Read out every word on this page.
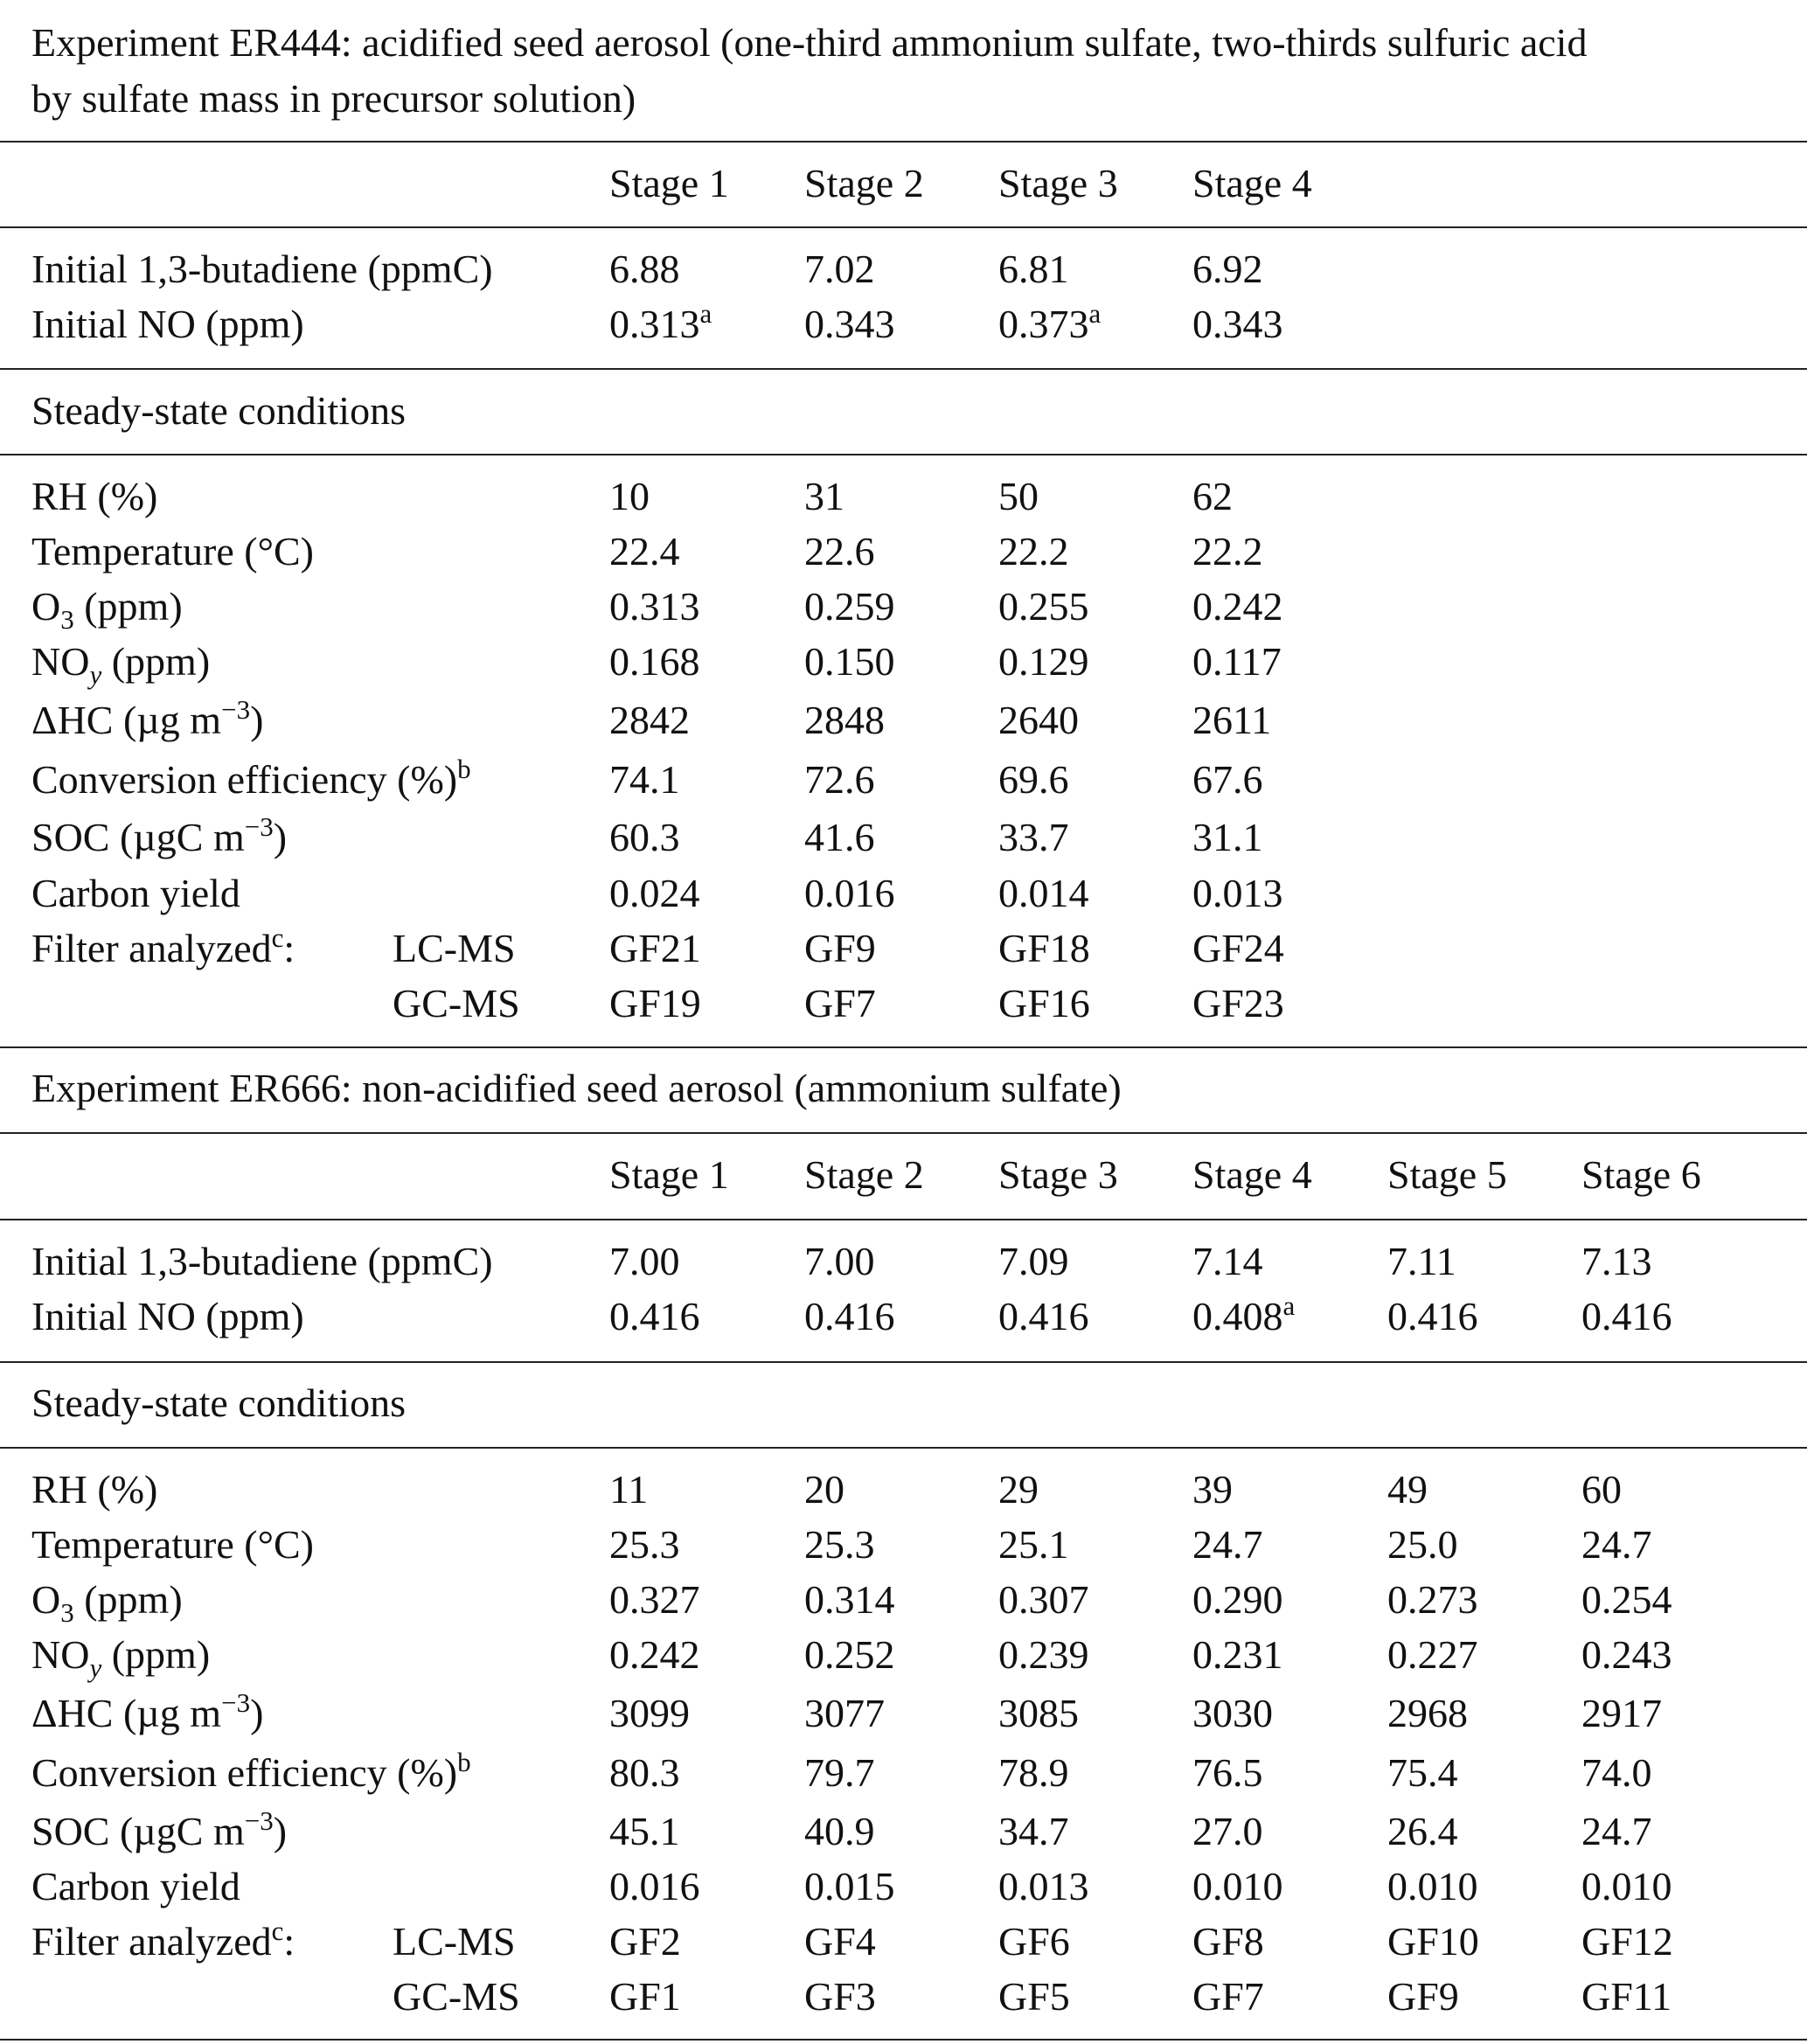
Experiment ER444: acidified seed aerosol (one-third ammonium sulfate, two-thirds sulfuric acid
by sulfate mass in precursor solution)
Stage 1 Stage 2 Stage 3 Stage 4
Initial 1,3-butadiene (ppmC)	6.88	7.02	6.81	6.92
Initial NO (ppm)	0.313$^a$ 0.343	0.373$^a$ 0.343
Steady-state conditions
RH (%)	10	31	50	62
Temperature (°C)	22.4	22.6	22.2	22.2
$O_3$ (ppm)	0.313	0.259	0.255	0.242
$NO_y$ (ppm)	0.168	0.150	0.129	0.117
ΔHC (µg $m^{-3}$)	2842	2848	2640	2611
Conversion efficiency (%)$^b$	74.1	72.6	69.6	67.6
SOC (µgC $m^{-3}$)	60.3	41.6	33.7	31.1
Carbon yield	0.024	0.016	0.014	0.013
Filter analyzed$^c$: LC-MS GF21	GF9	GF18	GF24
GC-MS GF19	GF7	GF16	GF23
Experiment ER666: non-acidified seed aerosol (ammonium sulfate)
Stage 1 Stage 2 Stage 3 Stage 4 Stage 5 Stage 6
Initial 1,3-butadiene (ppmC)	7.00	7.00	7.09	7.14	7.11	7.13
Initial NO (ppm)	0.416	0.416	0.416	0.408$^a$ 0.416	0.416
Steady-state conditions
RH (%)	11	20	29	39	49	60
Temperature (°C)	25.3	25.3	25.1	24.7	25.0	24.7
$O_3$ (ppm)	0.327	0.314	0.307	0.290	0.273	0.254
$NO_y$ (ppm)	0.242	0.252	0.239	0.231	0.227	0.243
ΔHC (µg $m^{-3}$)	3099	3077	3085	3030	2968	2917
Conversion efficiency (%)$^b$	80.3	79.7	78.9	76.5	75.4	74.0
SOC (µgC $m^{-3}$)	45.1	40.9	34.7	27.0	26.4	24.7
Carbon yield	0.016	0.015	0.013	0.010	0.010	0.010
Filter analyzed$^c$: LC-MS GF2	GF4	GF6	GF8	GF10	GF12
GC-MS GF1	GF3	GF5	GF7	GF9	GF11
